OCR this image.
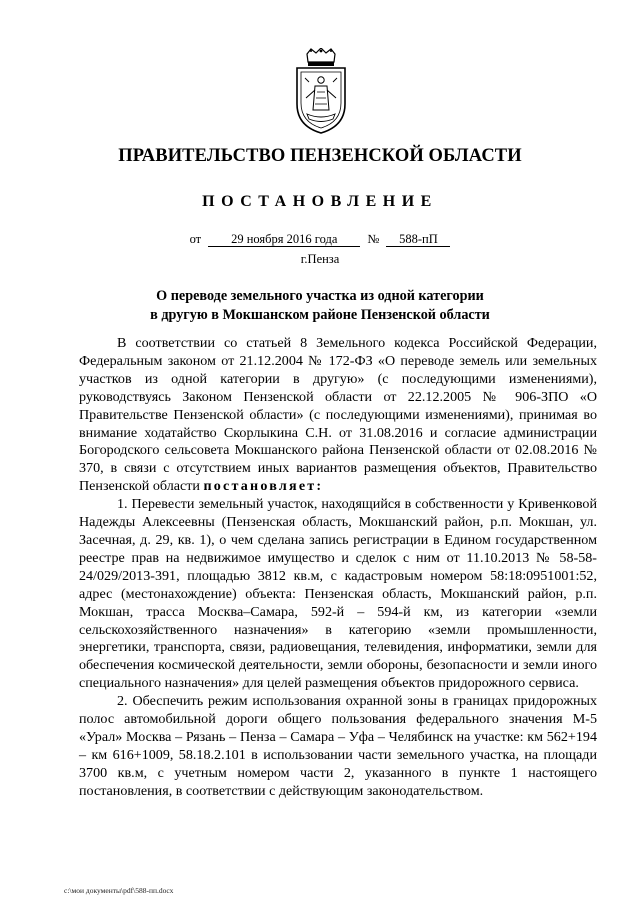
ПРАВИТЕЛЬСТВО ПЕНЗЕНСКОЙ ОБЛАСТИ
ПОСТАНОВЛЕНИЕ
от 29 ноября 2016 года № 588-пП
г.Пенза
О переводе земельного участка из одной категории
в другую в Мокшанском районе Пензенской области

В соответствии со статьей 8 Земельного кодекса Российской Федерации, Федеральным законом от 21.12.2004 № 172-ФЗ «О переводе земель или земельных участков из одной категории в другую» (с последующими изменениями), руководствуясь Законом Пензенской области от 22.12.2005 № 906-ЗПО «О Правительстве Пензенской области» (с последующими изменениями), принимая во внимание ходатайство Скорлыкина С.Н. от 31.08.2016 и согласие администрации Богородского сельсовета Мокшанского района Пензенской области от 02.08.2016 № 370, в связи с отсутствием иных вариантов размещения объектов, Правительство Пензенской области постановляет:

1. Перевести земельный участок, находящийся в собственности у Кривенковой Надежды Алексеевны (Пензенская область, Мокшанский район, р.п. Мокшан, ул. Засечная, д. 29, кв. 1), о чем сделана запись регистрации в Едином государственном реестре прав на недвижимое имущество и сделок с ним от 11.10.2013 № 58-58-24/029/2013-391, площадью 3812 кв.м, с кадастровым номером 58:18:0951001:52, адрес (местонахождение) объекта: Пензенская область, Мокшанский район, р.п. Мокшан, трасса Москва–Самара, 592-й – 594-й км, из категории «земли сельскохозяйственного назначения» в категорию «земли промышленности, энергетики, транспорта, связи, радиовещания, телевидения, информатики, земли для обеспечения космической деятельности, земли обороны, безопасности и земли иного специального назначения» для целей размещения объектов придорожного сервиса.

2. Обеспечить режим использования охранной зоны в границах придорожных полос автомобильной дороги общего пользования федерального значения М-5 «Урал» Москва – Рязань – Пенза – Самара – Уфа – Челябинск на участке: км 562+194 – км 616+1009, 58.18.2.101 в использовании части земельного участка, на площади 3700 кв.м, с учетным номером части 2, указанного в пункте 1 настоящего постановления, в соответствии с действующим законодательством.

c:\мои документы\pdf\588-пп.docx
